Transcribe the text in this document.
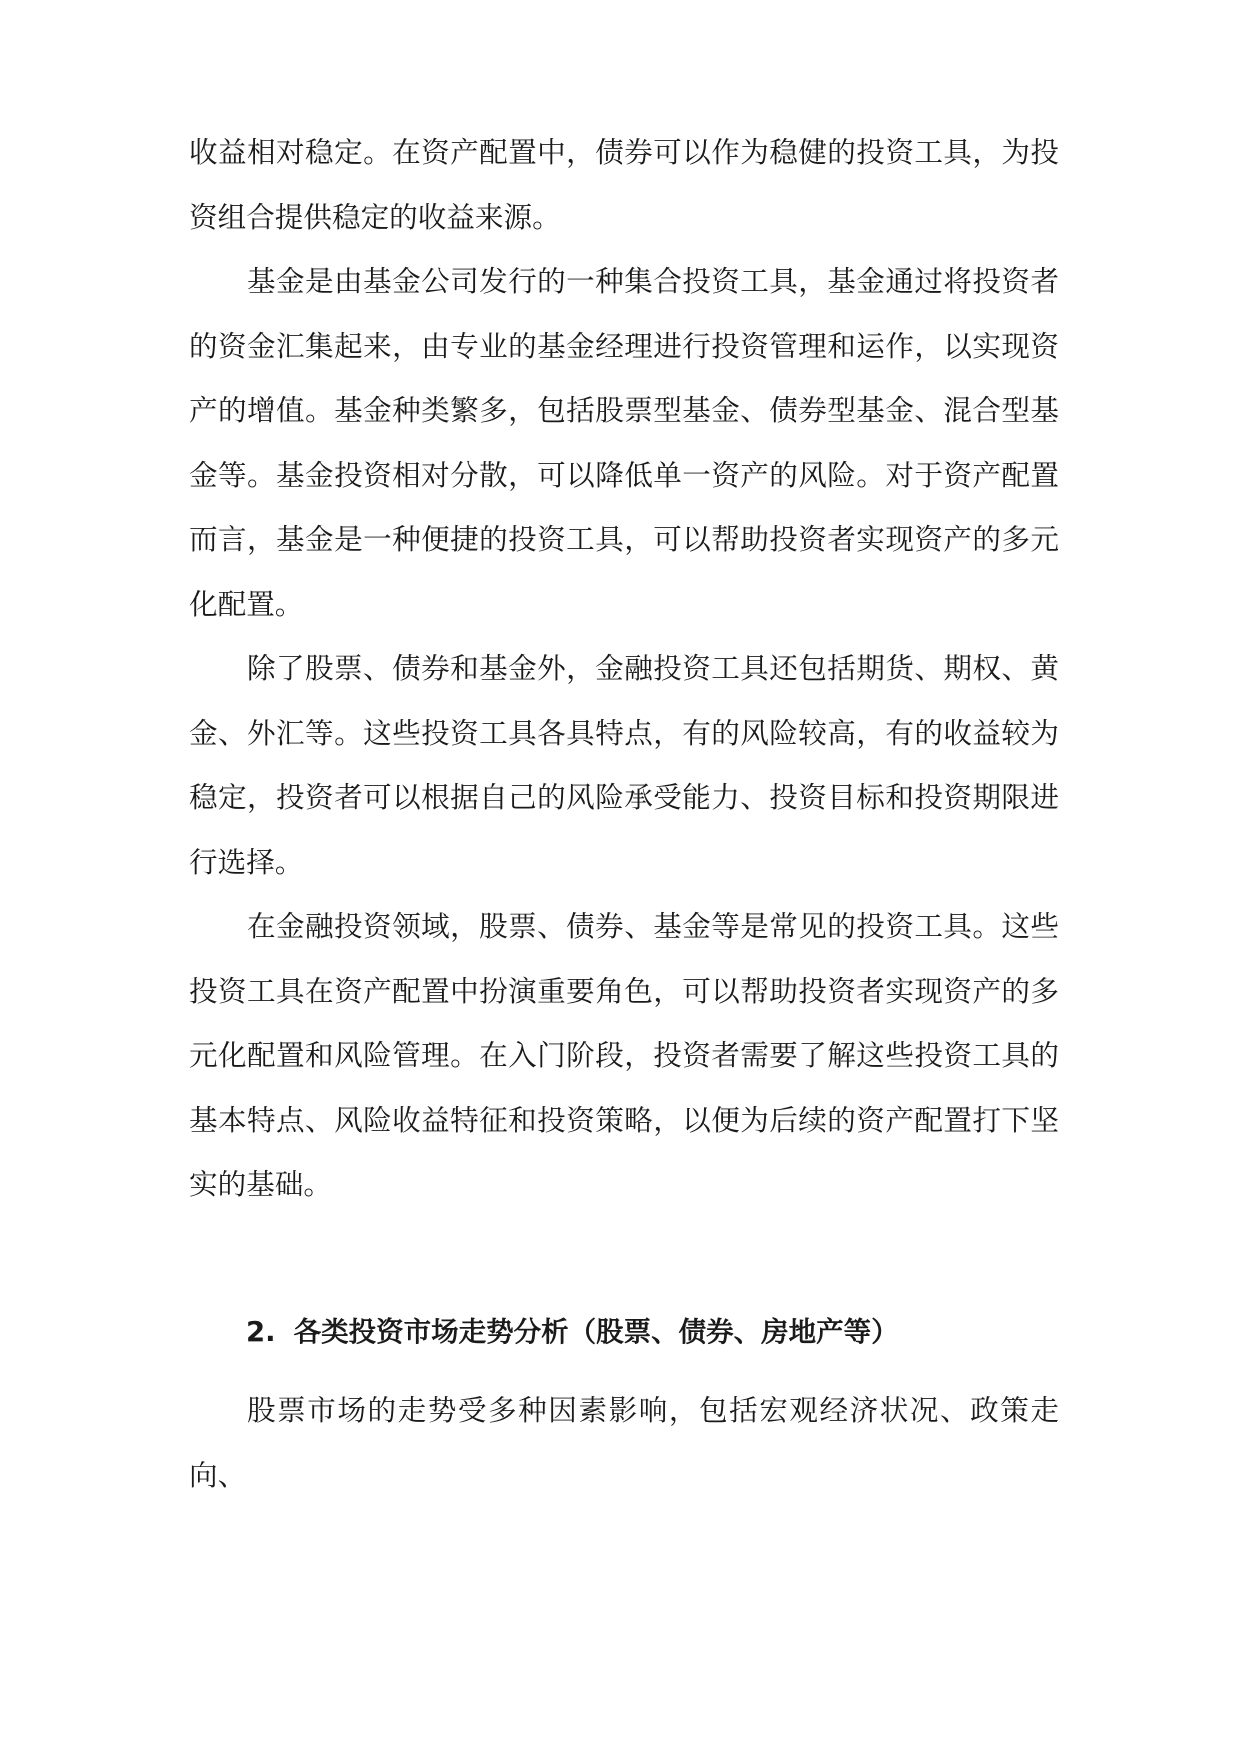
收益相对稳定。在资产配置中，债券可以作为稳健的投资工具，为投资组合提供稳定的收益来源。

基金是由基金公司发行的一种集合投资工具，基金通过将投资者的资金汇集起来，由专业的基金经理进行投资管理和运作，以实现资产的增值。基金种类繁多，包括股票型基金、债券型基金、混合型基金等。基金投资相对分散，可以降低单一资产的风险。对于资产配置而言，基金是一种便捷的投资工具，可以帮助投资者实现资产的多元化配置。

除了股票、债券和基金外，金融投资工具还包括期货、期权、黄金、外汇等。这些投资工具各具特点，有的风险较高，有的收益较为稳定，投资者可以根据自己的风险承受能力、投资目标和投资期限进行选择。

在金融投资领域，股票、债券、基金等是常见的投资工具。这些投资工具在资产配置中扮演重要角色，可以帮助投资者实现资产的多元化配置和风险管理。在入门阶段，投资者需要了解这些投资工具的基本特点、风险收益特征和投资策略，以便为后续的资产配置打下坚实的基础。

2. 各类投资市场走势分析（股票、债券、房地产等）

股票市场的走势受多种因素影响，包括宏观经济状况、政策走向、
